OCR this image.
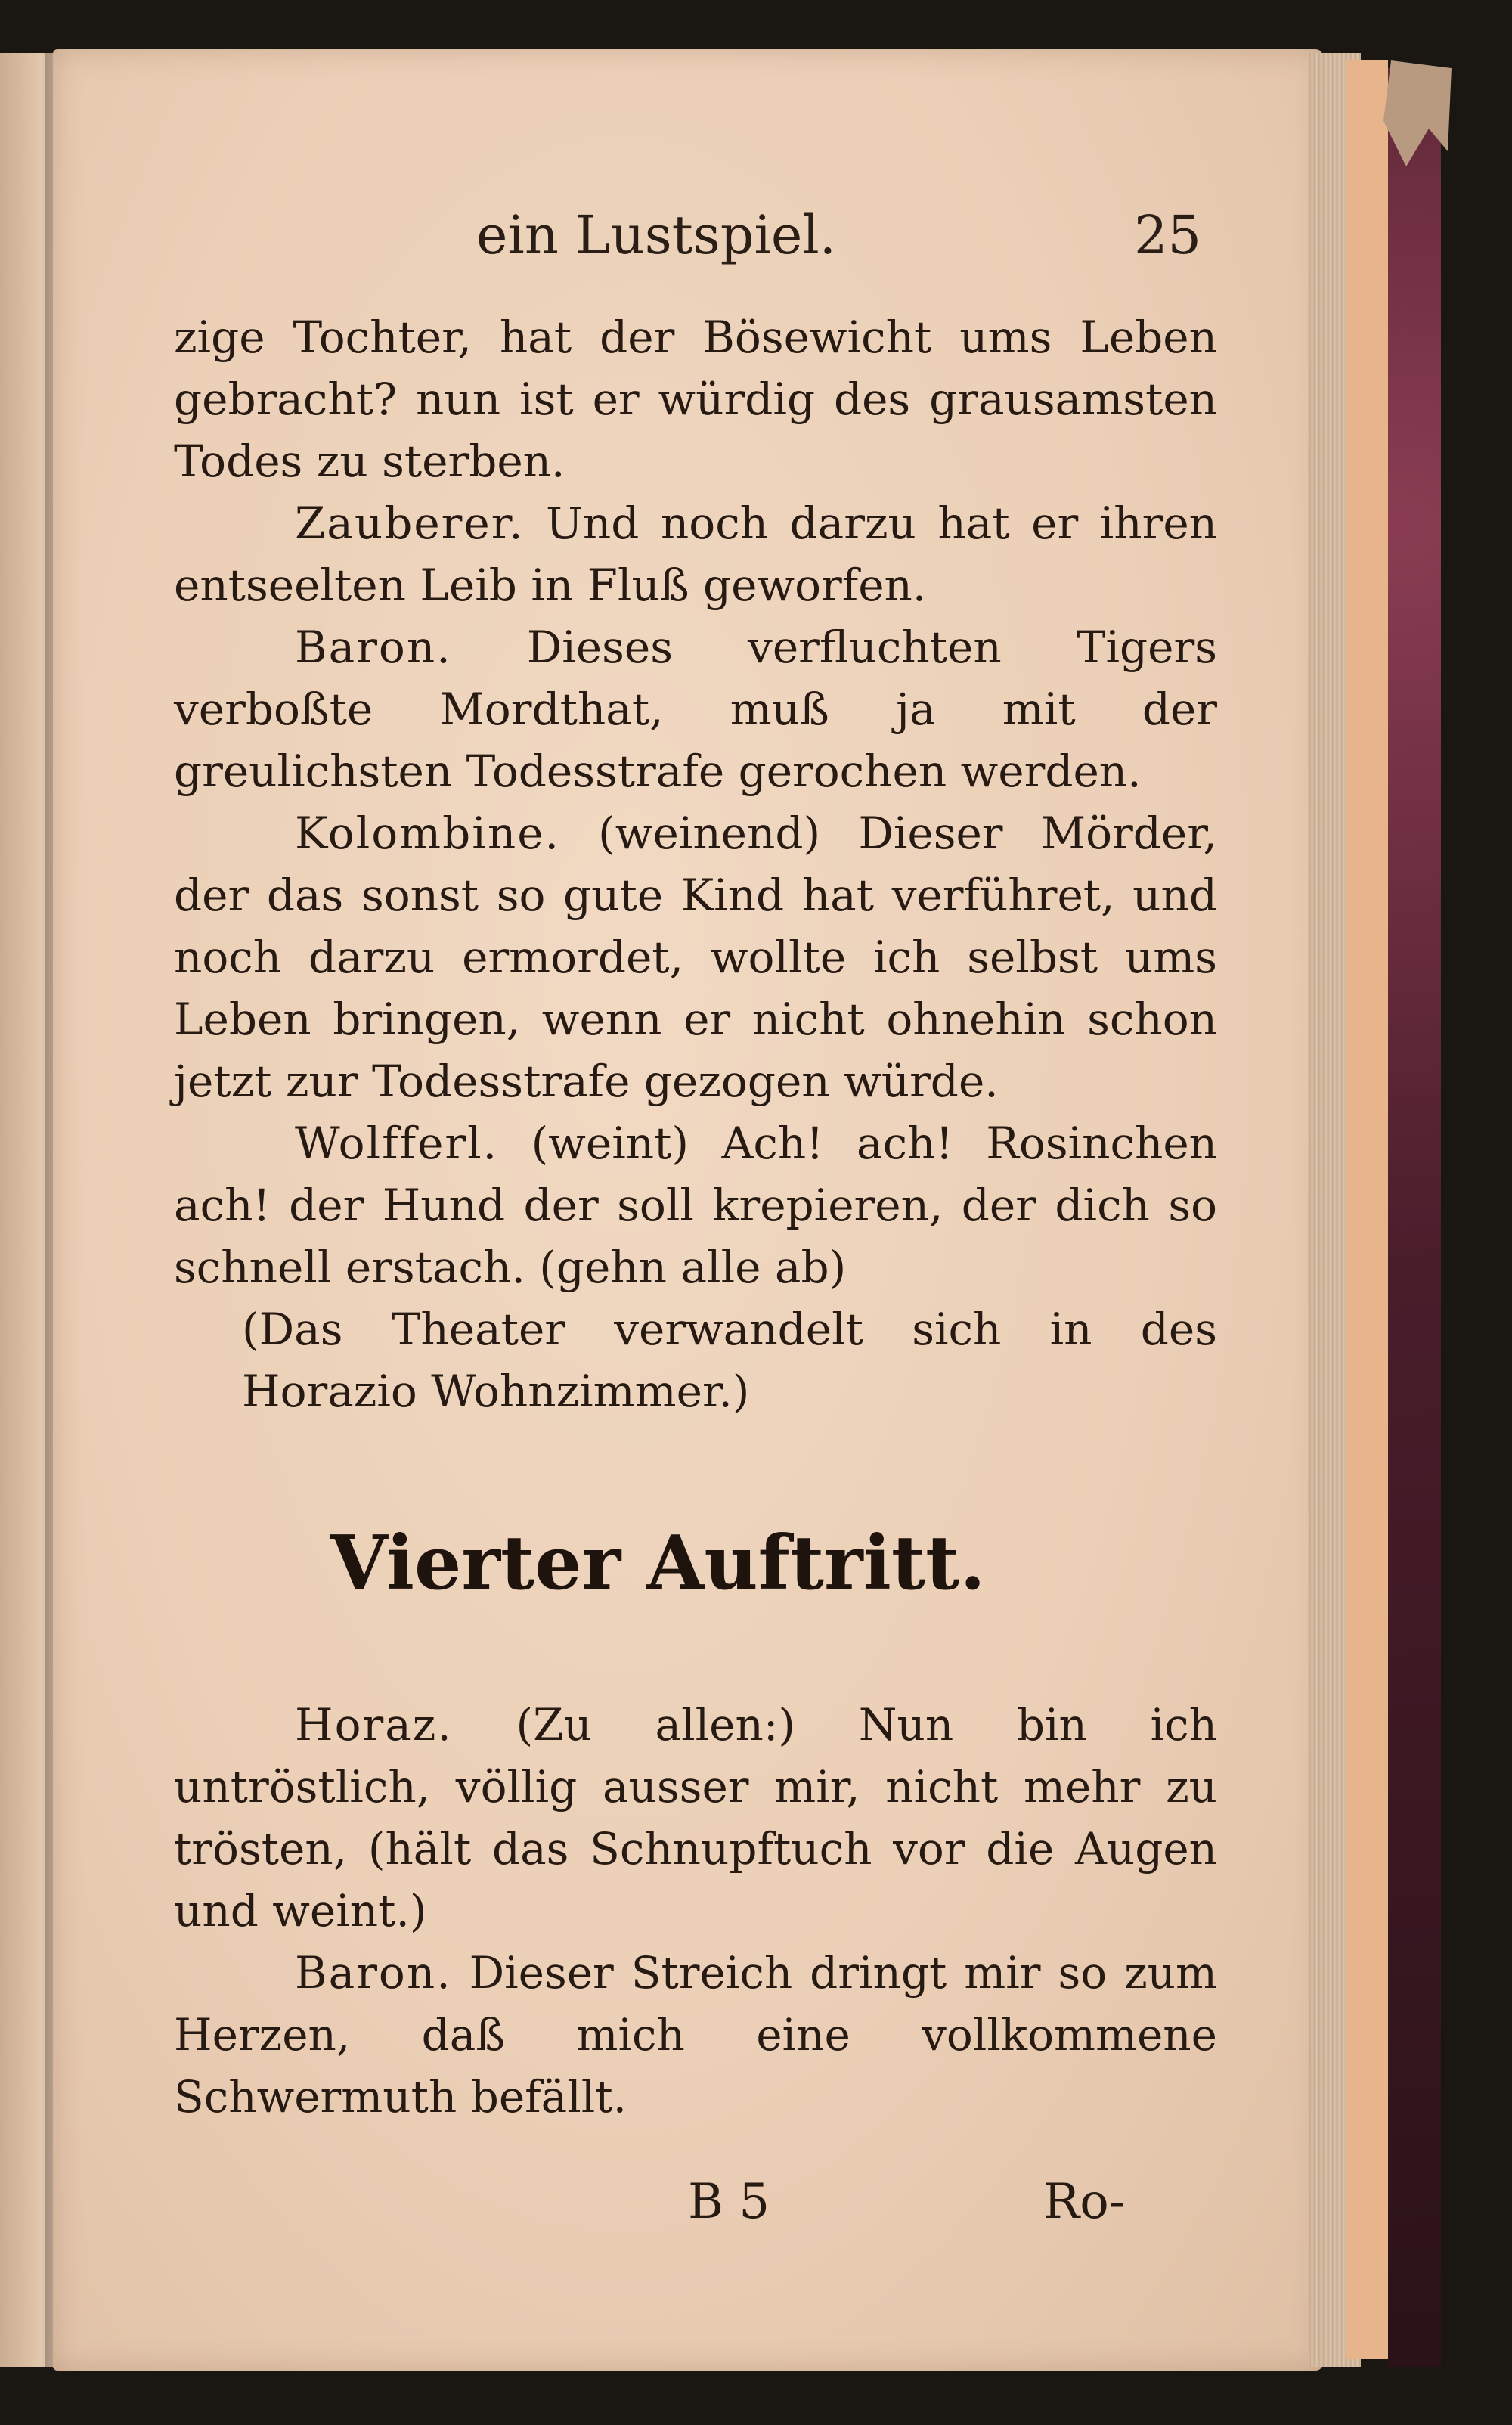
ein Lustspiel.	25

zige Tochter, hat der Bösewicht ums Leben gebracht? nun ist er würdig des grausamsten Todes zu sterben.

Zauberer. Und noch darzu hat er ihren entseelten Leib in Fluß geworfen.

Baron. Dieses verfluchten Tigers verboßte Mordthat, muß ja mit der greulichsten Todesstrafe gerochen werden.

Kolombine. (weinend) Dieser Mörder, der das sonst so gute Kind hat verführet, und noch darzu ermordet, wollte ich selbst ums Leben bringen, wenn er nicht ohnehin schon jetzt zur Todesstrafe gezogen würde.

Wolfferl. (weint) Ach! ach! Rosinchen ach! der Hund der soll krepieren, der dich so schnell erstach. (gehn alle ab)

(Das Theater verwandelt sich in des Horazio Wohnzimmer.)

Vierter Auftritt.

Horaz. (Zu allen:) Nun bin ich untröstlich, völlig ausser mir, nicht mehr zu trösten, (hält das Schnupftuch vor die Augen und weint.)

Baron. Dieser Streich dringt mir so zum Herzen, daß mich eine vollkommene Schwermuth befällt.

B 5	Ro-
